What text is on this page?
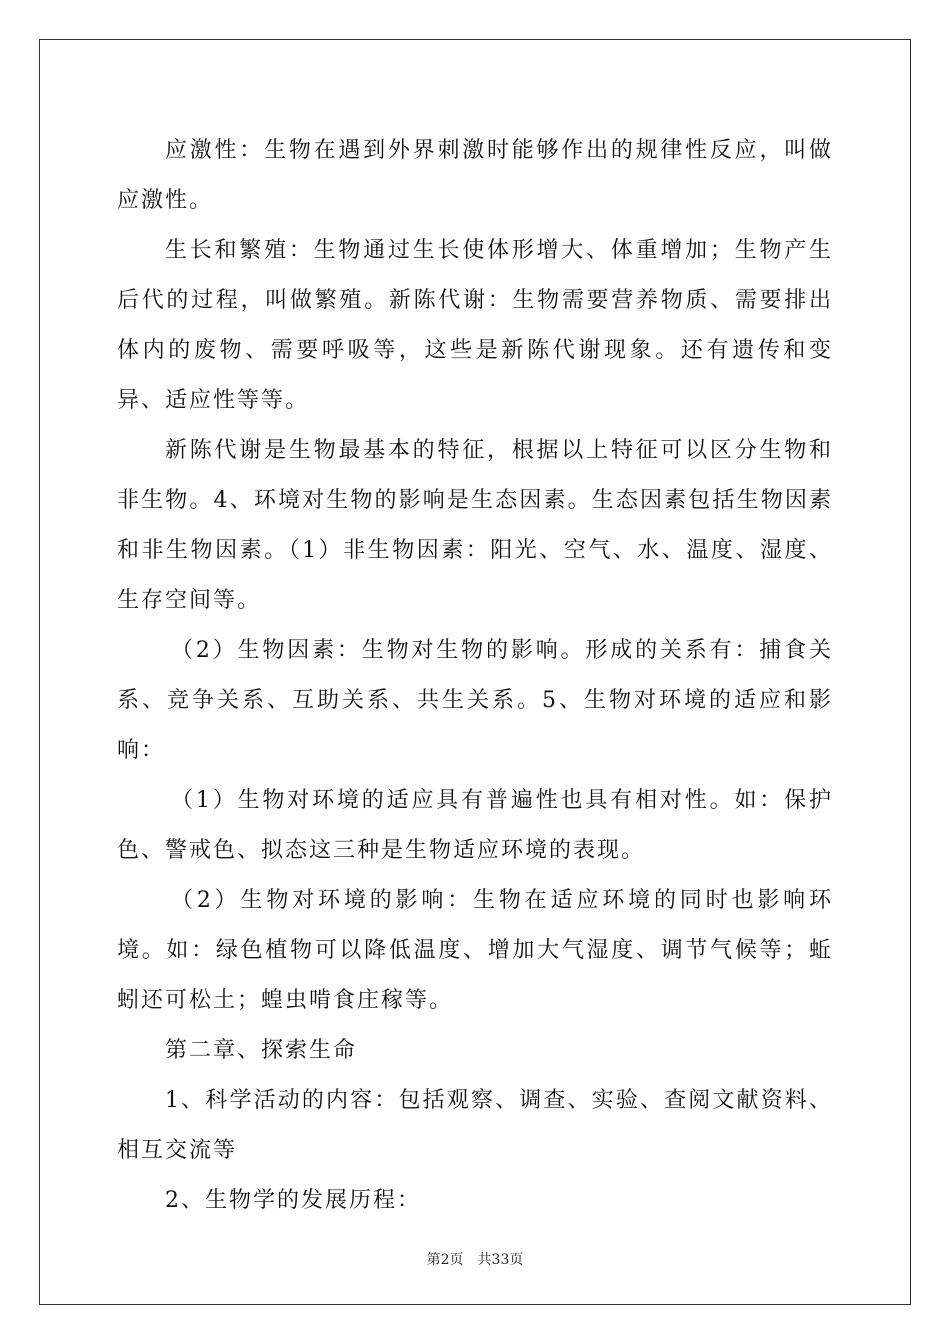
应激性：生物在遇到外界刺激时能够作出的规律性反应，叫做应激性。

生长和繁殖：生物通过生长使体形增大、体重增加；生物产生后代的过程，叫做繁殖。新陈代谢：生物需要营养物质、需要排出体内的废物、需要呼吸等，这些是新陈代谢现象。还有遗传和变异、适应性等等。

新陈代谢是生物最基本的特征，根据以上特征可以区分生物和非生物。4、环境对生物的影响是生态因素。生态因素包括生物因素和非生物因素。（1）非生物因素：阳光、空气、水、温度、湿度、生存空间等。

（2）生物因素：生物对生物的影响。形成的关系有：捕食关系、竞争关系、互助关系、共生关系。5、生物对环境的适应和影响：

（1）生物对环境的适应具有普遍性也具有相对性。如：保护色、警戒色、拟态这三种是生物适应环境的表现。

（2）生物对环境的影响：生物在适应环境的同时也影响环境。如：绿色植物可以降低温度、增加大气湿度、调节气候等；蚯蚓还可松土；蝗虫啃食庄稼等。

第二章、探索生命

1、科学活动的内容：包括观察、调查、实验、查阅文献资料、相互交流等

2、生物学的发展历程：

第2页 共33页
